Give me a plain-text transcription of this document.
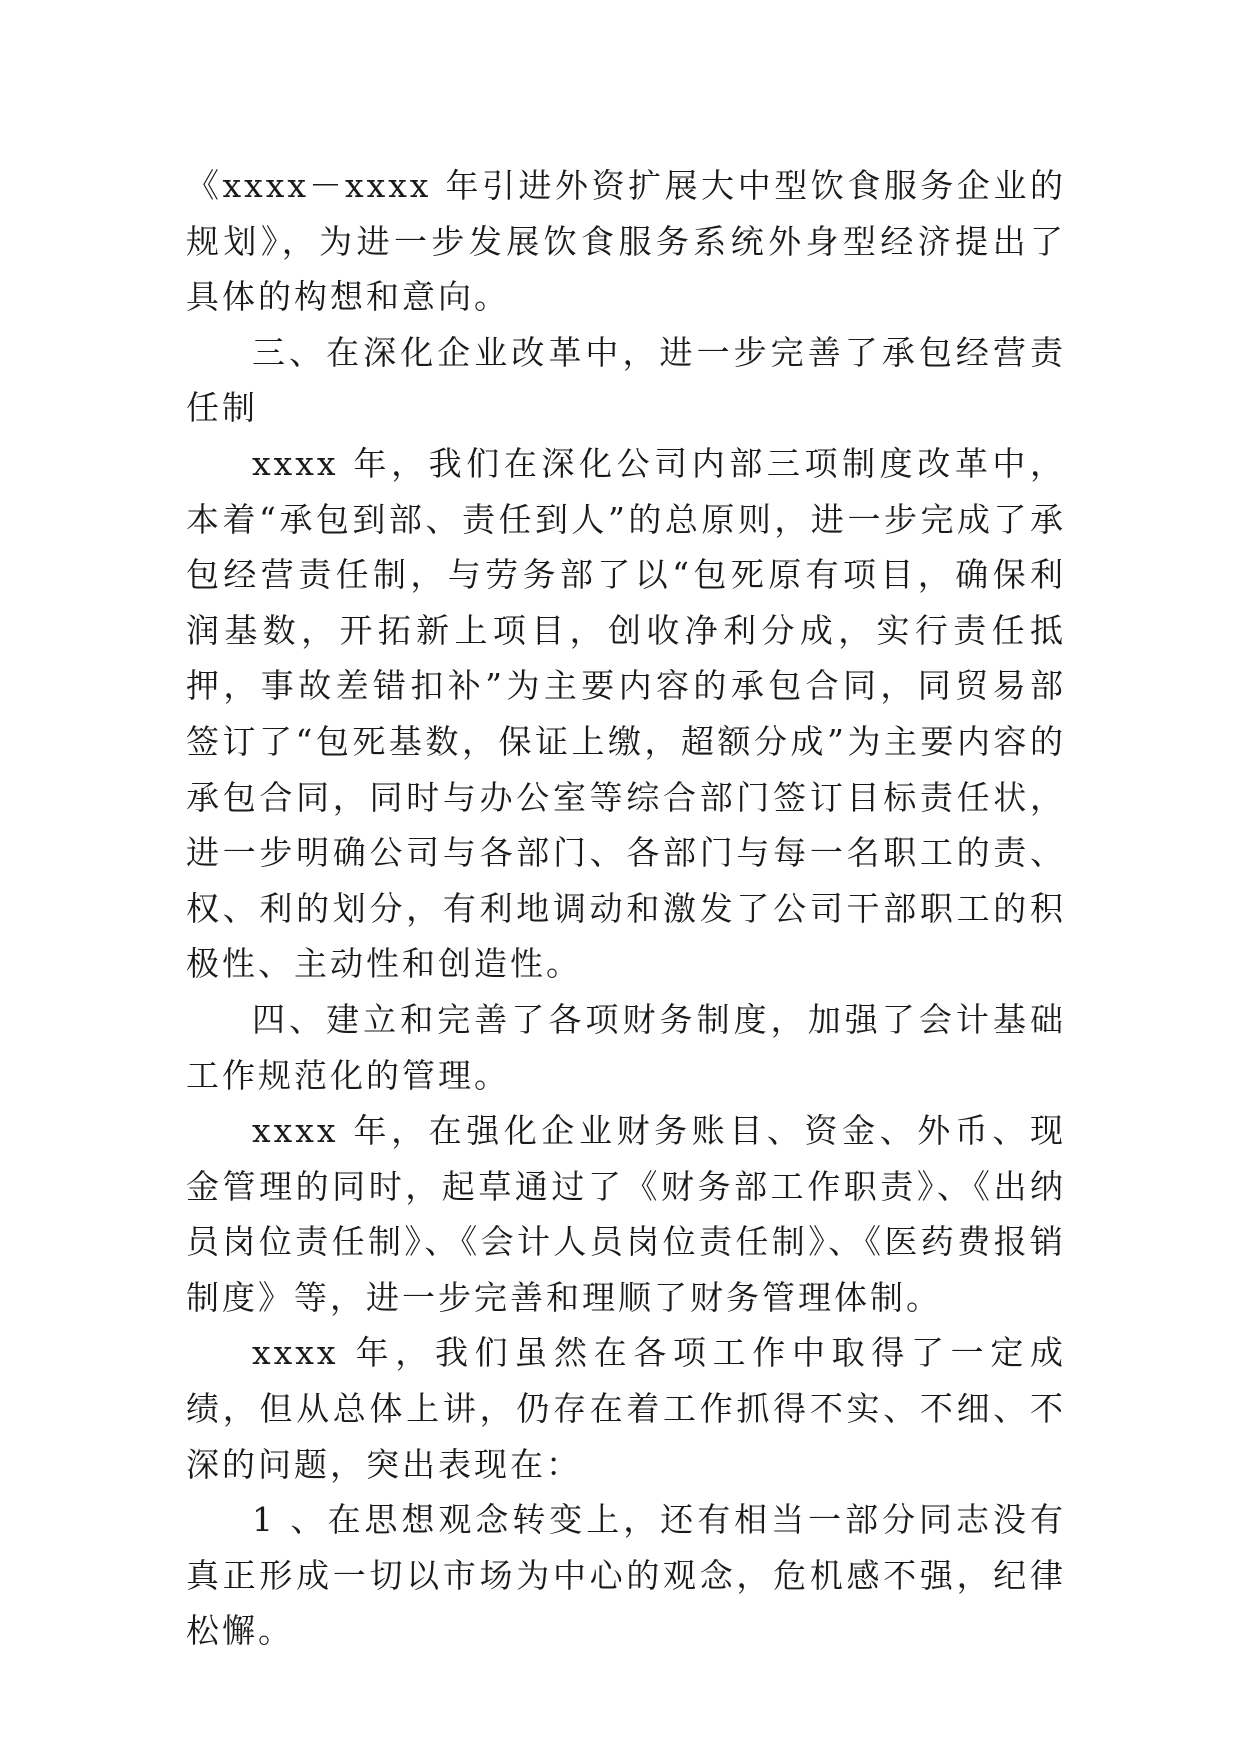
《xxxx－xxxx 年引进外资扩展大中型饮食服务企业的规划》，为进一步发展饮食服务系统外身型经济提出了具体的构想和意向。

三、在深化企业改革中，进一步完善了承包经营责任制

xxxx 年，我们在深化公司内部三项制度改革中，本着“承包到部、责任到人”的总原则，进一步完成了承包经营责任制，与劳务部了以“包死原有项目，确保利润基数，开拓新上项目，创收净利分成，实行责任抵押，事故差错扣补”为主要内容的承包合同，同贸易部签订了“包死基数，保证上缴，超额分成”为主要内容的承包合同，同时与办公室等综合部门签订目标责任状，进一步明确公司与各部门、各部门与每一名职工的责、权、利的划分，有利地调动和激发了公司干部职工的积极性、主动性和创造性。

四、建立和完善了各项财务制度，加强了会计基础工作规范化的管理。

xxxx 年，在强化企业财务账目、资金、外币、现金管理的同时，起草通过了《财务部工作职责》、《出纳员岗位责任制》、《会计人员岗位责任制》、《医药费报销制度》等，进一步完善和理顺了财务管理体制。

xxxx 年，我们虽然在各项工作中取得了一定成绩，但从总体上讲，仍存在着工作抓得不实、不细、不深的问题，突出表现在：

1 、在思想观念转变上，还有相当一部分同志没有真正形成一切以市场为中心的观念，危机感不强，纪律松懈。
